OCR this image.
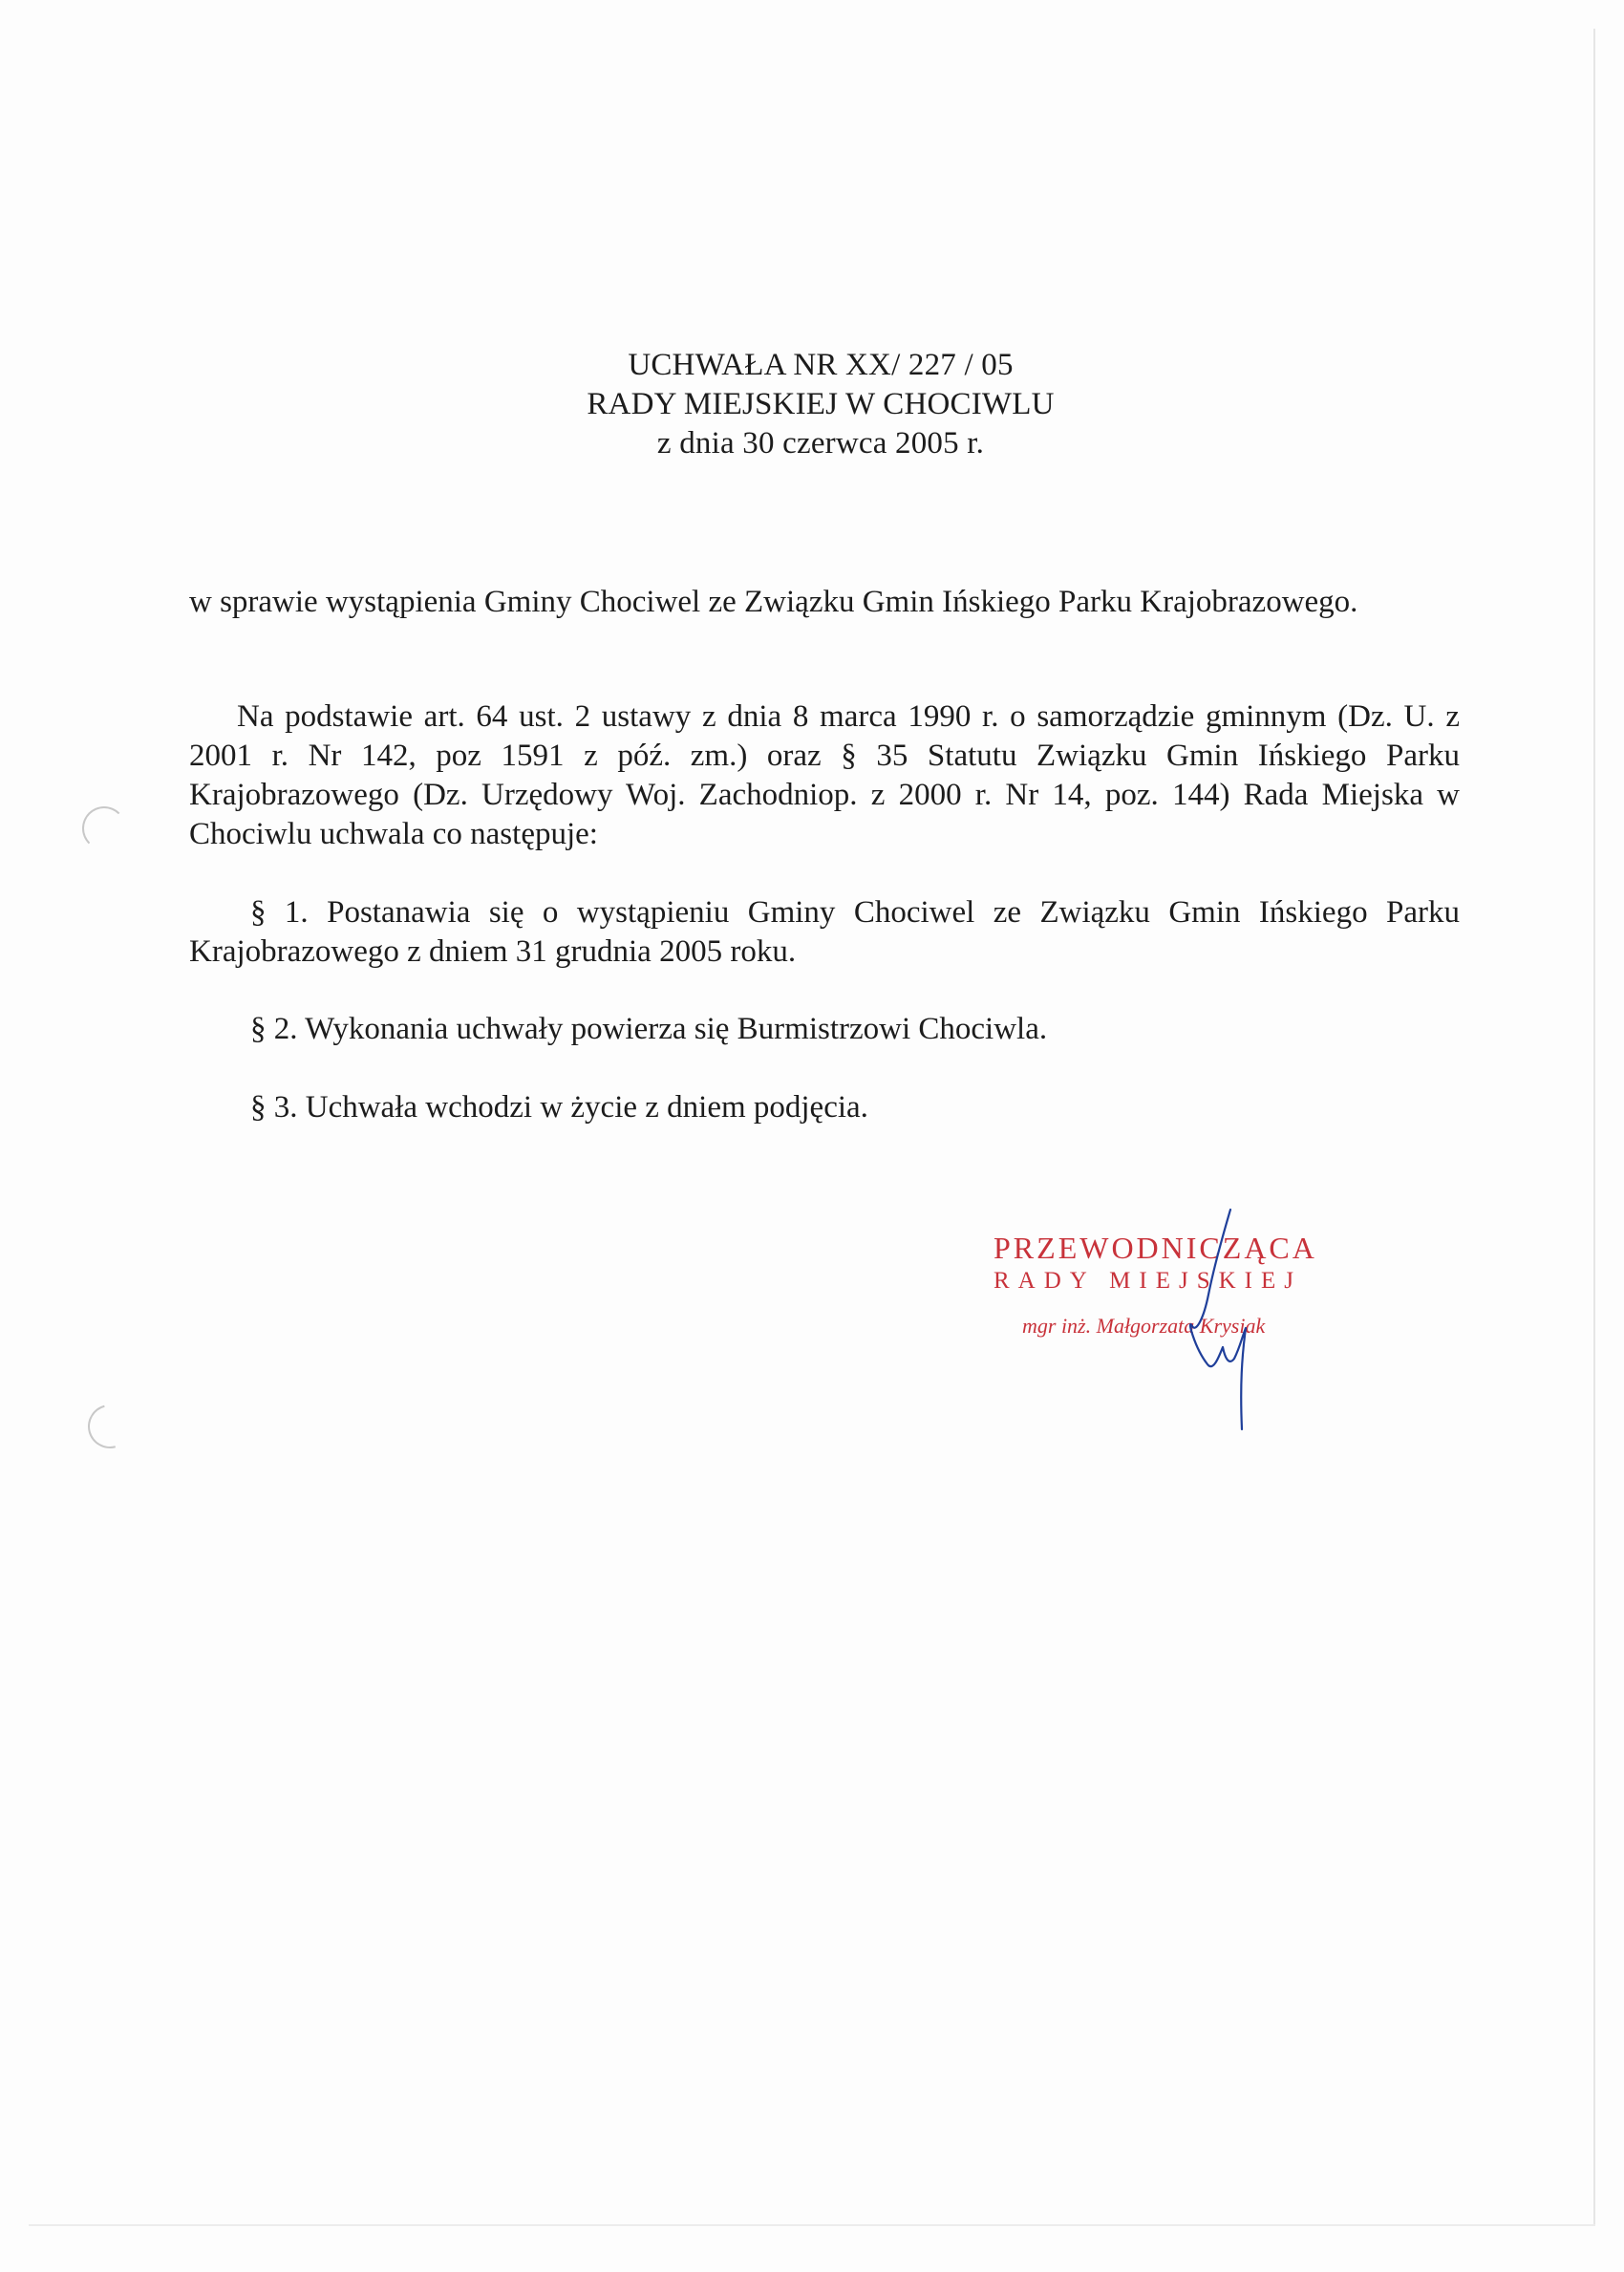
UCHWAŁA NR XX/ 227 / 05
RADY MIEJSKIEJ W CHOCIWLU
z dnia 30 czerwca 2005 r.
w sprawie wystąpienia Gminy Chociwel ze Związku Gmin Ińskiego Parku Krajobrazowego.
Na podstawie art. 64 ust. 2 ustawy z dnia 8 marca 1990 r. o samorządzie gminnym (Dz. U. z 2001 r. Nr 142, poz 1591 z póź. zm.) oraz § 35 Statutu Związku Gmin Ińskiego Parku Krajobrazowego (Dz. Urzędowy Woj. Zachodniop. z 2000 r. Nr 14, poz. 144) Rada Miejska w Chociwlu uchwala co następuje:
§ 1. Postanawia się o wystąpieniu Gminy Chociwel ze Związku Gmin Ińskiego Parku Krajobrazowego z dniem 31 grudnia 2005 roku.
§ 2. Wykonania uchwały powierza się Burmistrzowi Chociwla.
§ 3. Uchwała wchodzi w życie z dniem podjęcia.
PRZEWODNICZĄCA
RADY MIEJSKIEJ
mgr inż. Małgorzata Krysiak
